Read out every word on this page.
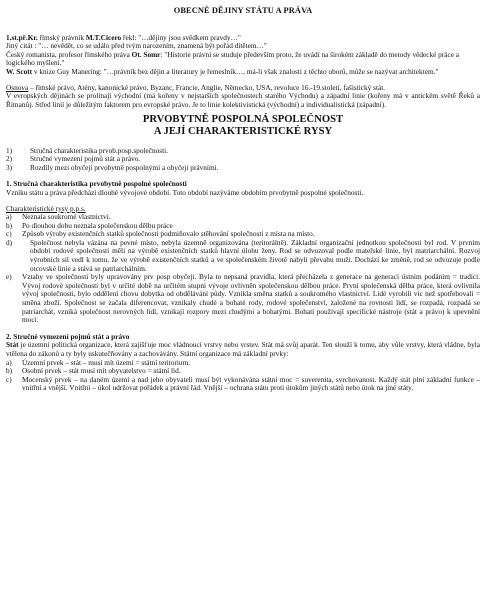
OBECNÉ DĚJINY STÁTU A PRÁVA

1.st.př.Kr. římský právník M.T.Cicero řekl: "…dějiny jsou svědkem pravdy…"

Jiný citát : "… nevědět, co se událo před tvým narozením, znamená být pořád dítětem…"

Český romanista, profesor římského práva Ot. Somr: "Historie právní se studuje především proto, že uvádí na širokém základě do metody vědecké práce a logického myšlení."

W. Scott v knize Guy Manering: "…právník bez dějin a literatury je řemeslník…, má-li však znalosti z těchto oborů, může se nazývat architektem."

Osnova – římské právo, Atény, kanonické právo, Byzanc, Francie, Anglie, Německo, USA, revoluce 16.-19.století, fašistický stát.

V evropských dějinách se prolínají východní (má kořeny v nejstarších společnostech starého Východu) a západní linie (kořeny má v antickém světě Řeků a Římanů). Střed linií je důležitým faktorem pro evropské právo. Je to linie kolektivistická (východní) a individualistická (západní).

PRVOBYTNĚ POSPOLNÁ SPOLEČNOST

A JEJÍ CHARAKTERISTICKÉ RYSY

1)	Stručná charakteristika prvob.posp.společnosti.
2)	Stručné vymezení pojmů stát a právo.
3)	Rozdíly mezi obyčeji prvobytně pospolnými a obyčeji právními.

1. Stručná charakteristika prvobytně pospolné společnosti

Vzniku státu a práva předcházi dlouhé vývojové období. Toto období nazýváme obdobím prvobytně pospolné společnosti.

Charakteristické rysy p.p.s.

a)	Neznala soukromé vlastnictví.
b)	Po dlouhou dobu neznala společenskou dělbu práce
c)	Způsob výroby existenčních statků společnosti podmiňovalo stěhování společnosti z místa na místo.
d)	Společnost nebyla vázána na pevné místo, nebyla územně organizována (teritorálně). Základní organizační jednotkou společnosti byl rod. V prvním období rodové společnosti měli na výrobě existenčních statků hlavní úlohu ženy. Rod se odvozoval podle mateřské linie, byl matriarchální. Rozvoj výrobních sil vedl k tomu, že ve výrobě existenčních statků a ve společenském životě nabyli převahu muži. Dochází ke změně, rod se odvozuje podle otcovské linie a stává se patriarchálním.
e)	Vztahy ve společnosti byly upravovány prv posp obyčeji. Byla to nepsaná pravidla, která přecházela z generace na generaci ústním podáním = tradicí. Vývoj rodové společnosti byl v určité době na určitém stupni vývoje ovlivněn společenskou dělbou práce. První společenská dělba práce, která ovlivnila vývoj společnosti, bylo oddělení chovu dobytka od obdělávání půdy. Vznikla směna statků a soukromého vlastnictví. Lidé vyrobili víc než spotřebovali = směna zboží. Společnost se začala diferencovat, vznikaly chudé a bohaté rody, rodové společenství, založené na rovnosti lidí, se rozpadá, rozpadá se patriarchát, vzniká společnost nerovných lidí, vznikají rozpory mezi chudými a bohatými. Bohatí používají specifické nástroje (stát a právo) k upevnění moci.

2. Stručné vymezení pojmů stát a právo

Stát je územní politická organizace, která zajišťuje moc vládnoucí vrstvy nebo vrstev. Stát má svůj aparát. Ten slouží k tomu, aby vůle vrstvy, která vládne, byla vtělena do zákonů a ty byly uskutečňovány a zachovávány. Státní organizace má základní prvky:

a)	Územní prvek – stát – musí mít území = státní teritorium.
b)	Osobní prvek – stát musí mít obyvatelstvo = státní lid.
c)	Mocenský prvek – na daném území a nad jeho obyvateli musí být vykonávána státní moc = suverenita, svrchovanost. Každý stát plní základní funkce – vnitřní a vnější. Vnitřní – úkol udržovat pořádek a právní řád. Vnější – ochrana státu proti útokům jiných států nebo útok na jiné státy.
